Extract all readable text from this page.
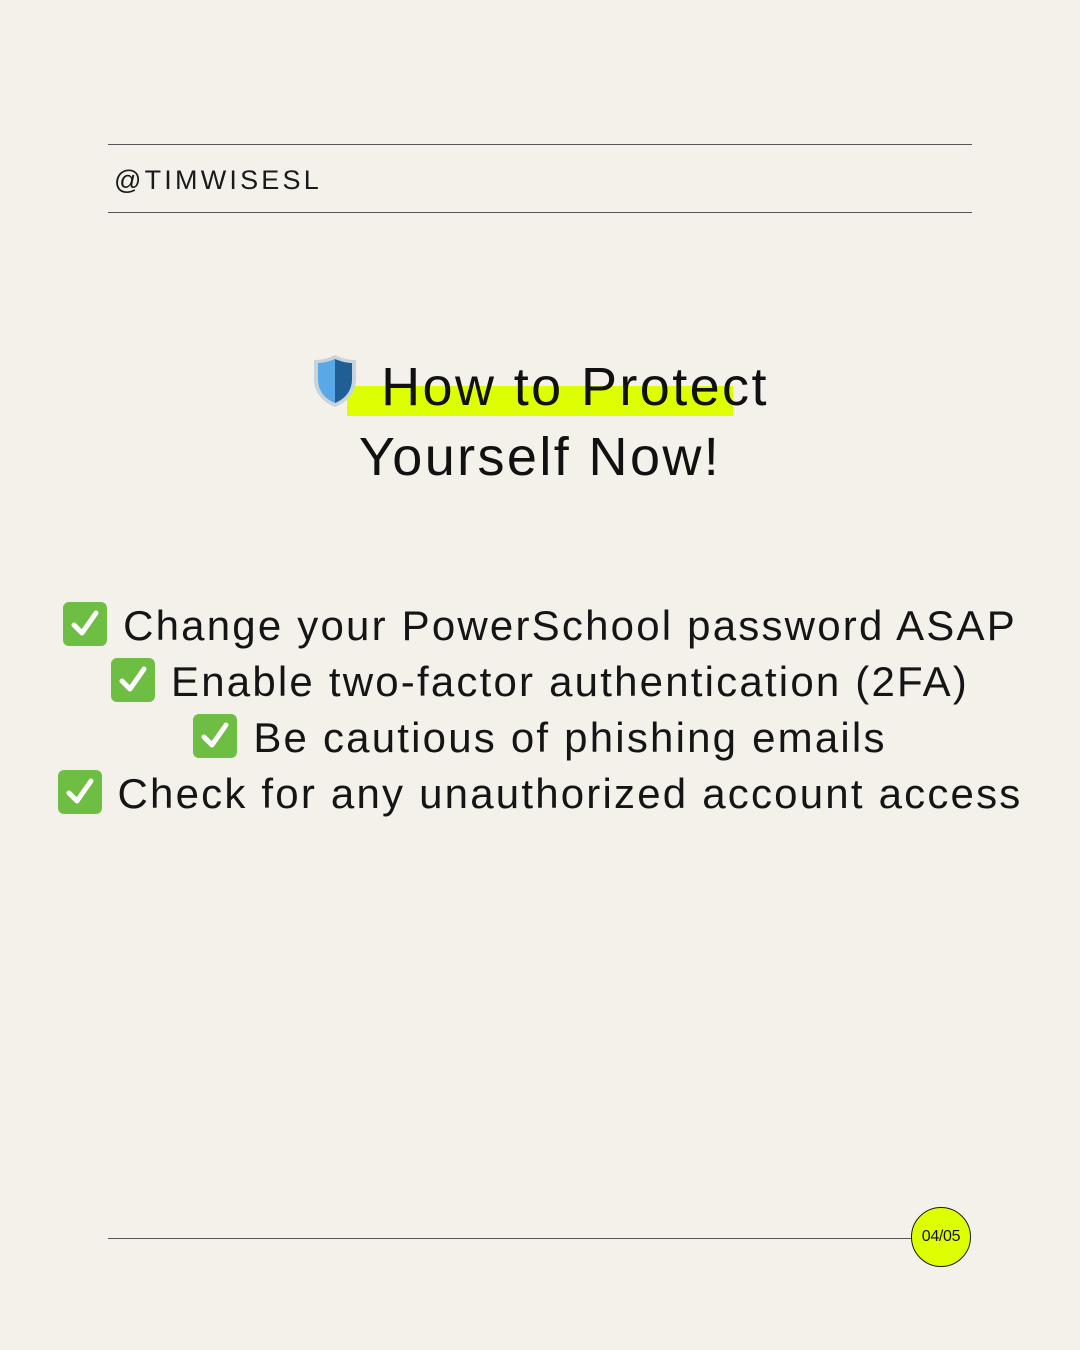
@TIMWISESL
How to Protect
Yourself Now!
Change your PowerSchool password ASAP
Enable two-factor authentication (2FA)
Be cautious of phishing emails
Check for any unauthorized account access
04/05
